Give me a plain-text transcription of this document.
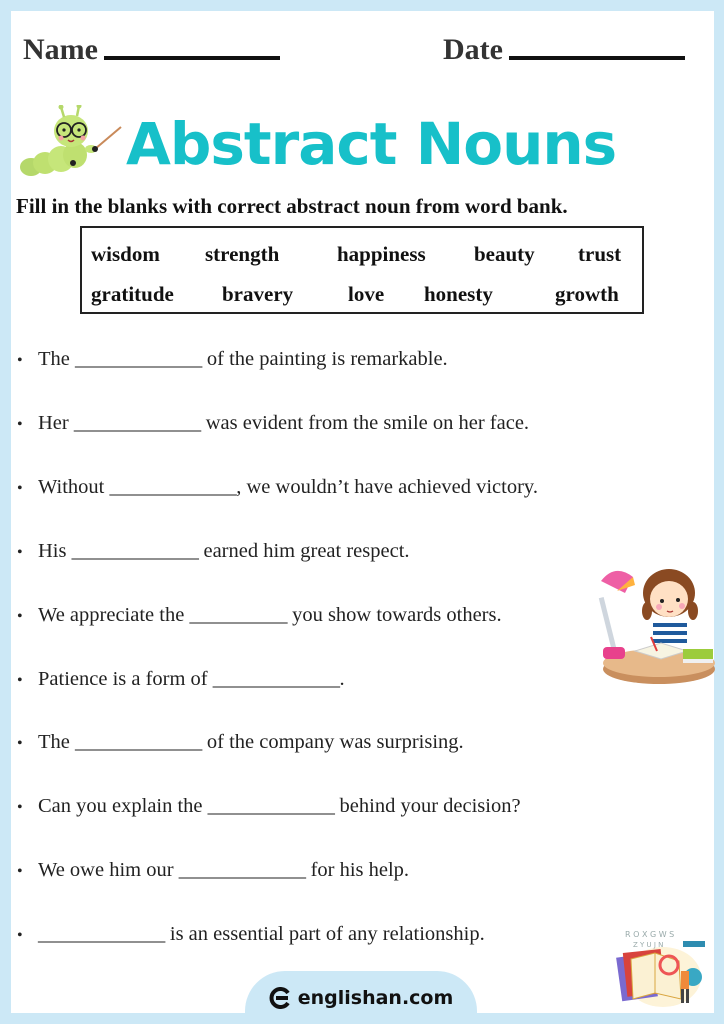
Name	Date
Abstract Nouns
Fill in the blanks with correct abstract noun from word bank.
wisdom strength	happiness beauty trust
gratitude bravery	love honesty	growth
• The _____________ of the painting is remarkable.
• Her _____________ was evident from the smile on her face.
• Without _____________ , we wouldn’t have achieved victory.
• His _____________ earned him great respect.
• We appreciate the __________ you show towards others.
• Patience is a form of _____________ .
• The _____________ of the company was surprising.
• Can you explain the _____________ behind your decision?
• We owe him our _____________ for his help.
• _____________ is an essential part of any relationship.	R O X G W S
Z Y U J N
englishan.com
